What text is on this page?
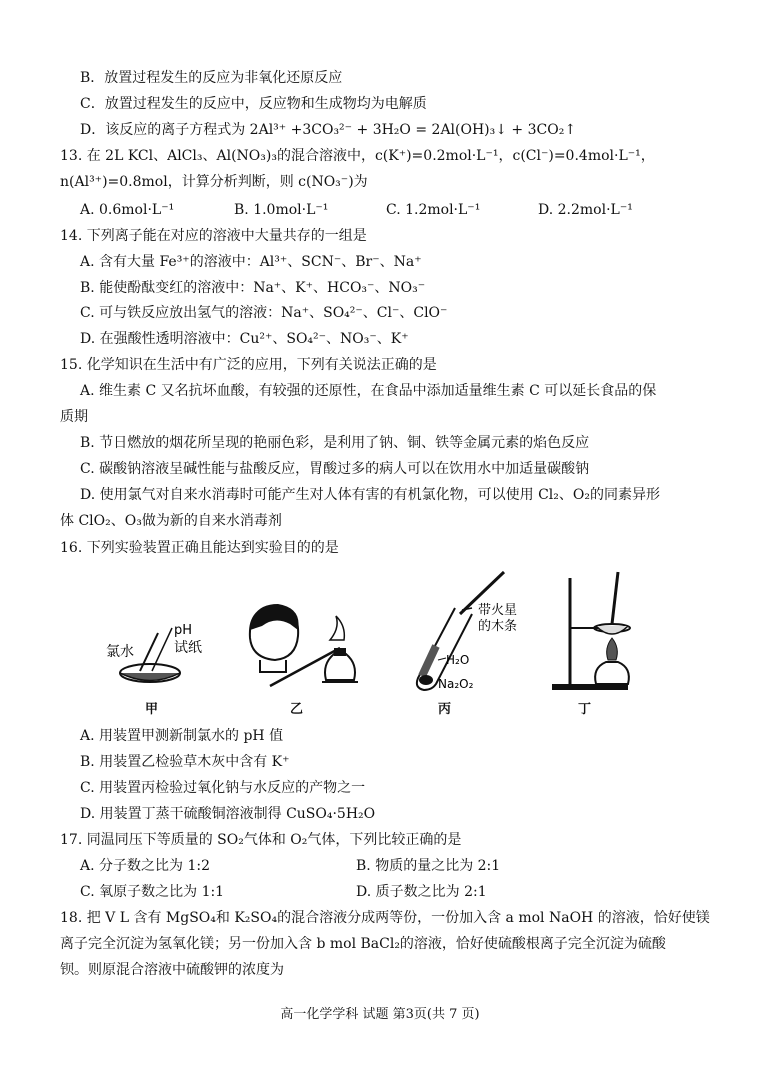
B．放置过程发生的反应为非氧化还原反应
C．放置过程发生的反应中，反应物和生成物均为电解质
D．该反应的离子方程式为 2Al³⁺ +3CO₃²⁻ + 3H₂O = 2Al(OH)₃↓ + 3CO₂↑
13. 在 2L KCl、AlCl₃、Al(NO₃)₃的混合溶液中，c(K⁺)=0.2mol·L⁻¹，c(Cl⁻)=0.4mol·L⁻¹，
n(Al³⁺)=0.8mol，计算分析判断，则 c(NO₃⁻)为
A. 0.6mol·L⁻¹	B. 1.0mol·L⁻¹	C. 1.2mol·L⁻¹	D. 2.2mol·L⁻¹
14. 下列离子能在对应的溶液中大量共存的一组是
A. 含有大量 Fe³⁺的溶液中：Al³⁺、SCN⁻、Br⁻、Na⁺
B. 能使酚酞变红的溶液中：Na⁺、K⁺、HCO₃⁻、NO₃⁻
C. 可与铁反应放出氢气的溶液：Na⁺、SO₄²⁻、Cl⁻、ClO⁻
D. 在强酸性透明溶液中：Cu²⁺、SO₄²⁻、NO₃⁻、K⁺
15. 化学知识在生活中有广泛的应用，下列有关说法正确的是
A. 维生素 C 又名抗坏血酸，有较强的还原性，在食品中添加适量维生素 C 可以延长食品的保
质期
B. 节日燃放的烟花所呈现的艳丽色彩，是利用了钠、铜、铁等金属元素的焰色反应
C. 碳酸钠溶液呈碱性能与盐酸反应，胃酸过多的病人可以在饮用水中加适量碳酸钠
D. 使用氯气对自来水消毒时可能产生对人体有害的有机氯化物，可以使用 Cl₂、O₂的同素异形
体 ClO₂、O₃做为新的自来水消毒剂
16. 下列实验装置正确且能达到实验目的的是
氯水
pH
试纸
带火星
的木条
H₂O
Na₂O₂
甲	乙	丙	丁
A. 用装置甲测新制氯水的 pH 值
B. 用装置乙检验草木灰中含有 K⁺
C. 用装置丙检验过氧化钠与水反应的产物之一
D. 用装置丁蒸干硫酸铜溶液制得 CuSO₄·5H₂O
17. 同温同压下等质量的 SO₂气体和 O₂气体，下列比较正确的是
A. 分子数之比为 1:2	B. 物质的量之比为 2:1
C. 氧原子数之比为 1:1	D. 质子数之比为 2:1
18. 把 V L 含有 MgSO₄和 K₂SO₄的混合溶液分成两等份，一份加入含 a mol NaOH 的溶液，恰好使镁
离子完全沉淀为氢氧化镁；另一份加入含 b mol BaCl₂的溶液，恰好使硫酸根离子完全沉淀为硫酸
钡。则原混合溶液中硫酸钾的浓度为
高一化学学科 试题 第3页(共 7 页)
